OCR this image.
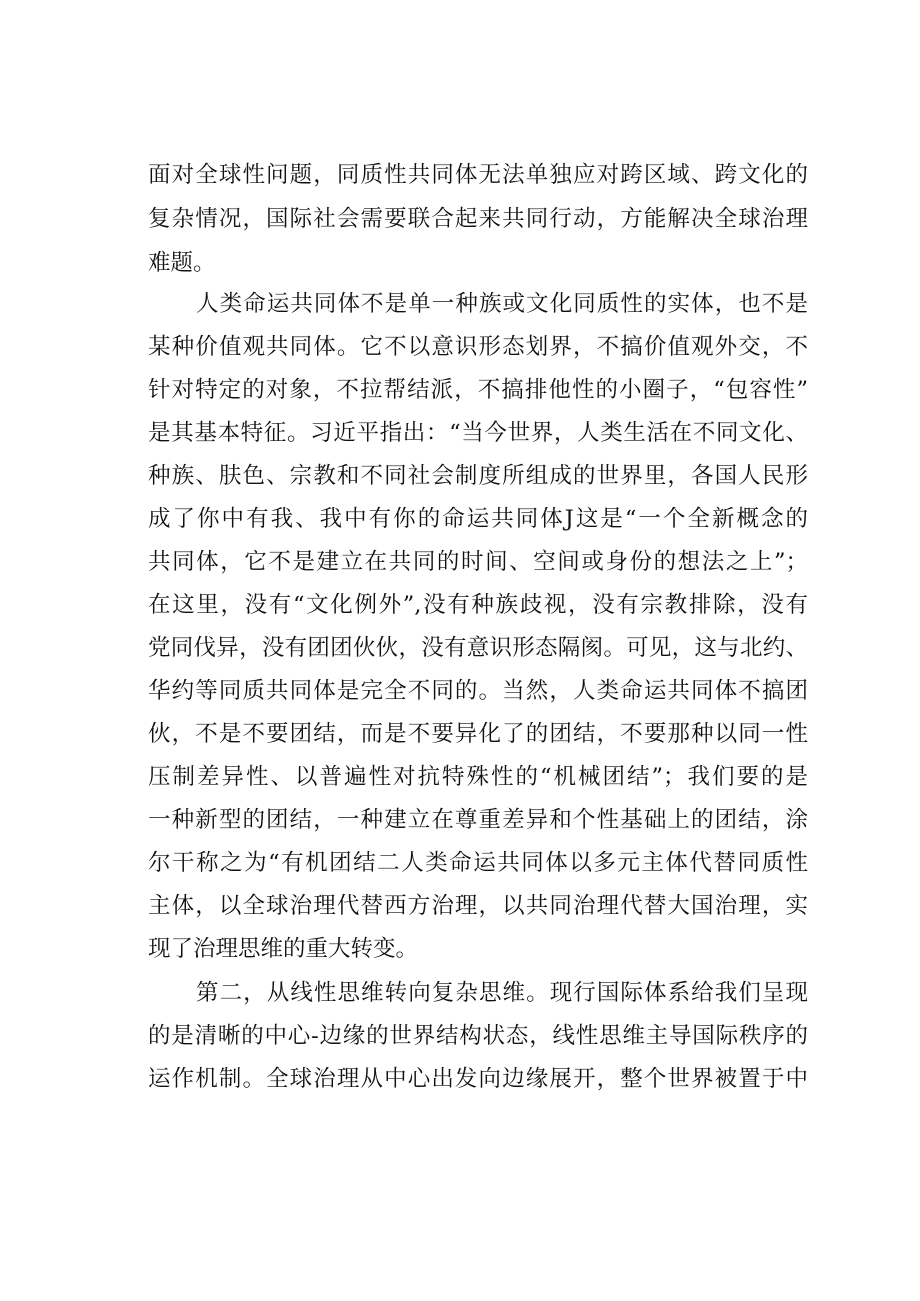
面对全球性问题，同质性共同体无法单独应对跨区域、跨文化的
复杂情况，国际社会需要联合起来共同行动，方能解决全球治理
难题。
人类命运共同体不是单一种族或文化同质性的实体，也不是
某种价值观共同体。它不以意识形态划界，不搞价值观外交，不
针对特定的对象，不拉帮结派，不搞排他性的小圈子，“包容性”
是其基本特征。习近平指出：“当今世界，人类生活在不同文化、
种族、肤色、宗教和不同社会制度所组成的世界里，各国人民形
成了你中有我、我中有你的命运共同体J这是“一个全新概念的
共同体，它不是建立在共同的时间、空间或身份的想法之上”；
在这里，没有“文化例外”,没有种族歧视，没有宗教排除，没有
党同伐异，没有团团伙伙，没有意识形态隔阂。可见，这与北约、
华约等同质共同体是完全不同的。当然，人类命运共同体不搞团
伙，不是不要团结，而是不要异化了的团结，不要那种以同一性
压制差异性、以普遍性对抗特殊性的“机械团结”；我们要的是
一种新型的团结，一种建立在尊重差异和个性基础上的团结，涂
尔干称之为“有机团结二人类命运共同体以多元主体代替同质性
主体，以全球治理代替西方治理，以共同治理代替大国治理，实
现了治理思维的重大转变。
第二，从线性思维转向复杂思维。现行国际体系给我们呈现
的是清晰的中心-边缘的世界结构状态，线性思维主导国际秩序的
运作机制。全球治理从中心出发向边缘展开，整个世界被置于中
